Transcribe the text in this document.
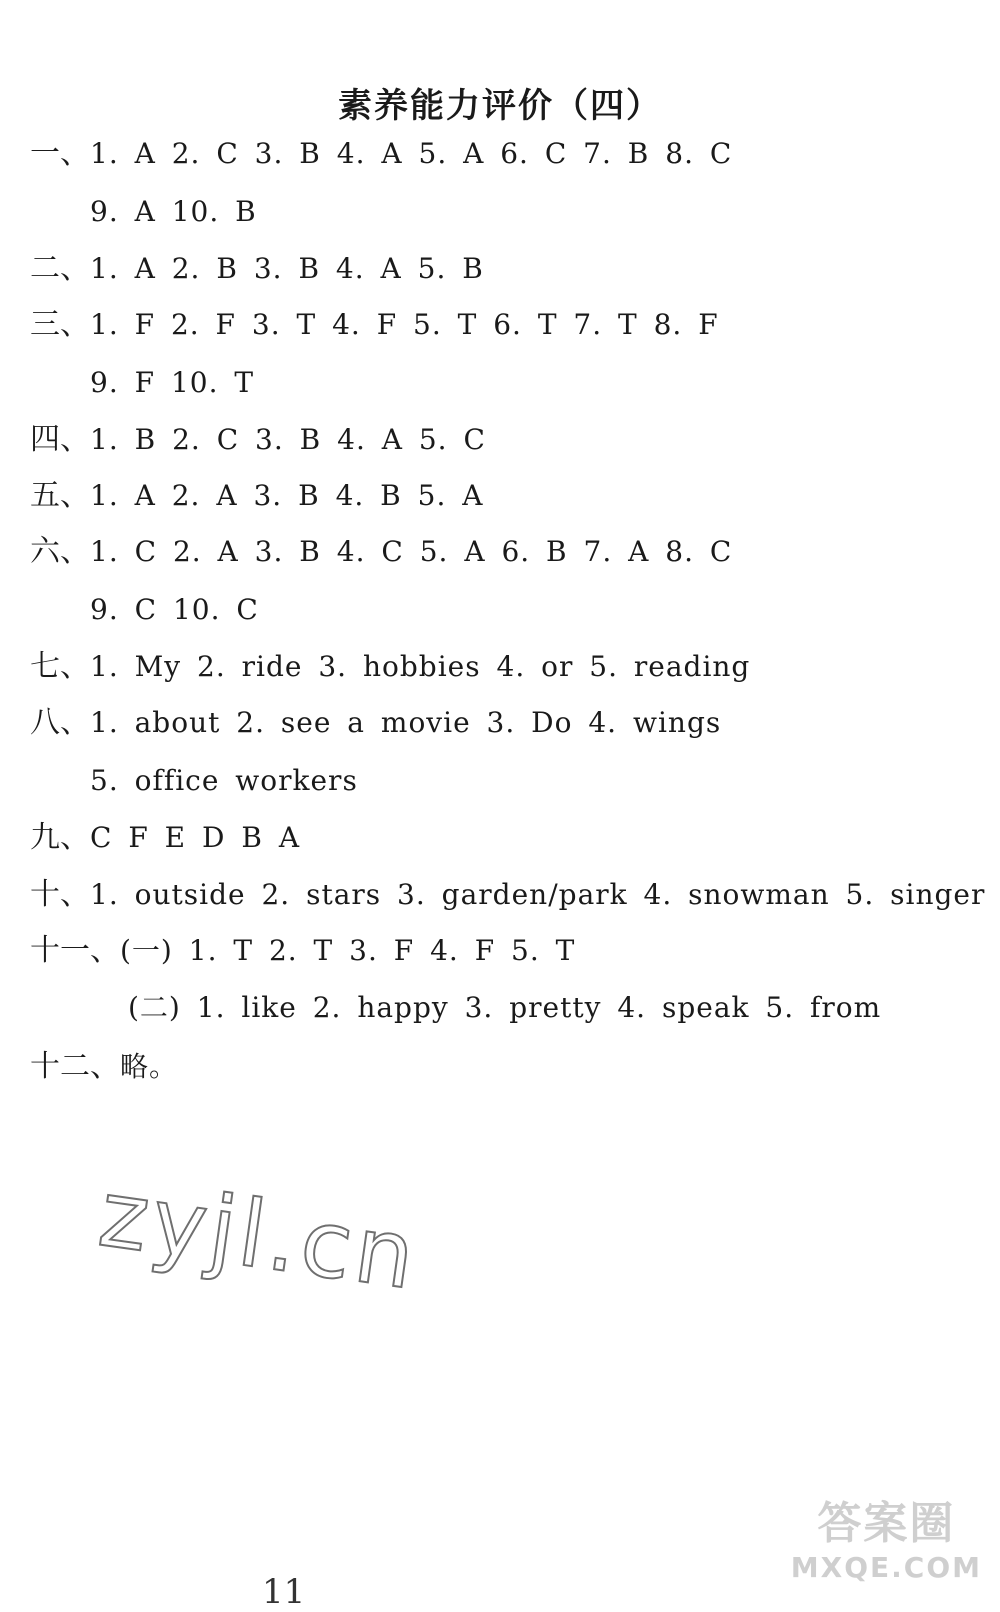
素养能力评价（四）
一、1. A 2. C 3. B 4. A 5. A 6. C 7. B 8. C
9. A 10. B
二、1. A 2. B 3. B 4. A 5. B
三、1. F 2. F 3. T 4. F 5. T 6. T 7. T 8. F
9. F 10. T
四、1. B 2. C 3. B 4. A 5. C
五、1. A 2. A 3. B 4. B 5. A
六、1. C 2. A 3. B 4. C 5. A 6. B 7. A 8. C
9. C 10. C
七、1. My 2. ride 3. hobbies 4. or 5. reading
八、1. about 2. see a movie 3. Do 4. wings
5. office workers
九、C F E D B A
十、1. outside 2. stars 3. garden/park 4. snowman 5. singer
十一、(一) 1. T 2. T 3. F 4. F 5. T
(二) 1. like 2. happy 3. pretty 4. speak 5. from
十二、略。
zyjl.cn
答案圈
MXQE.COM
11
